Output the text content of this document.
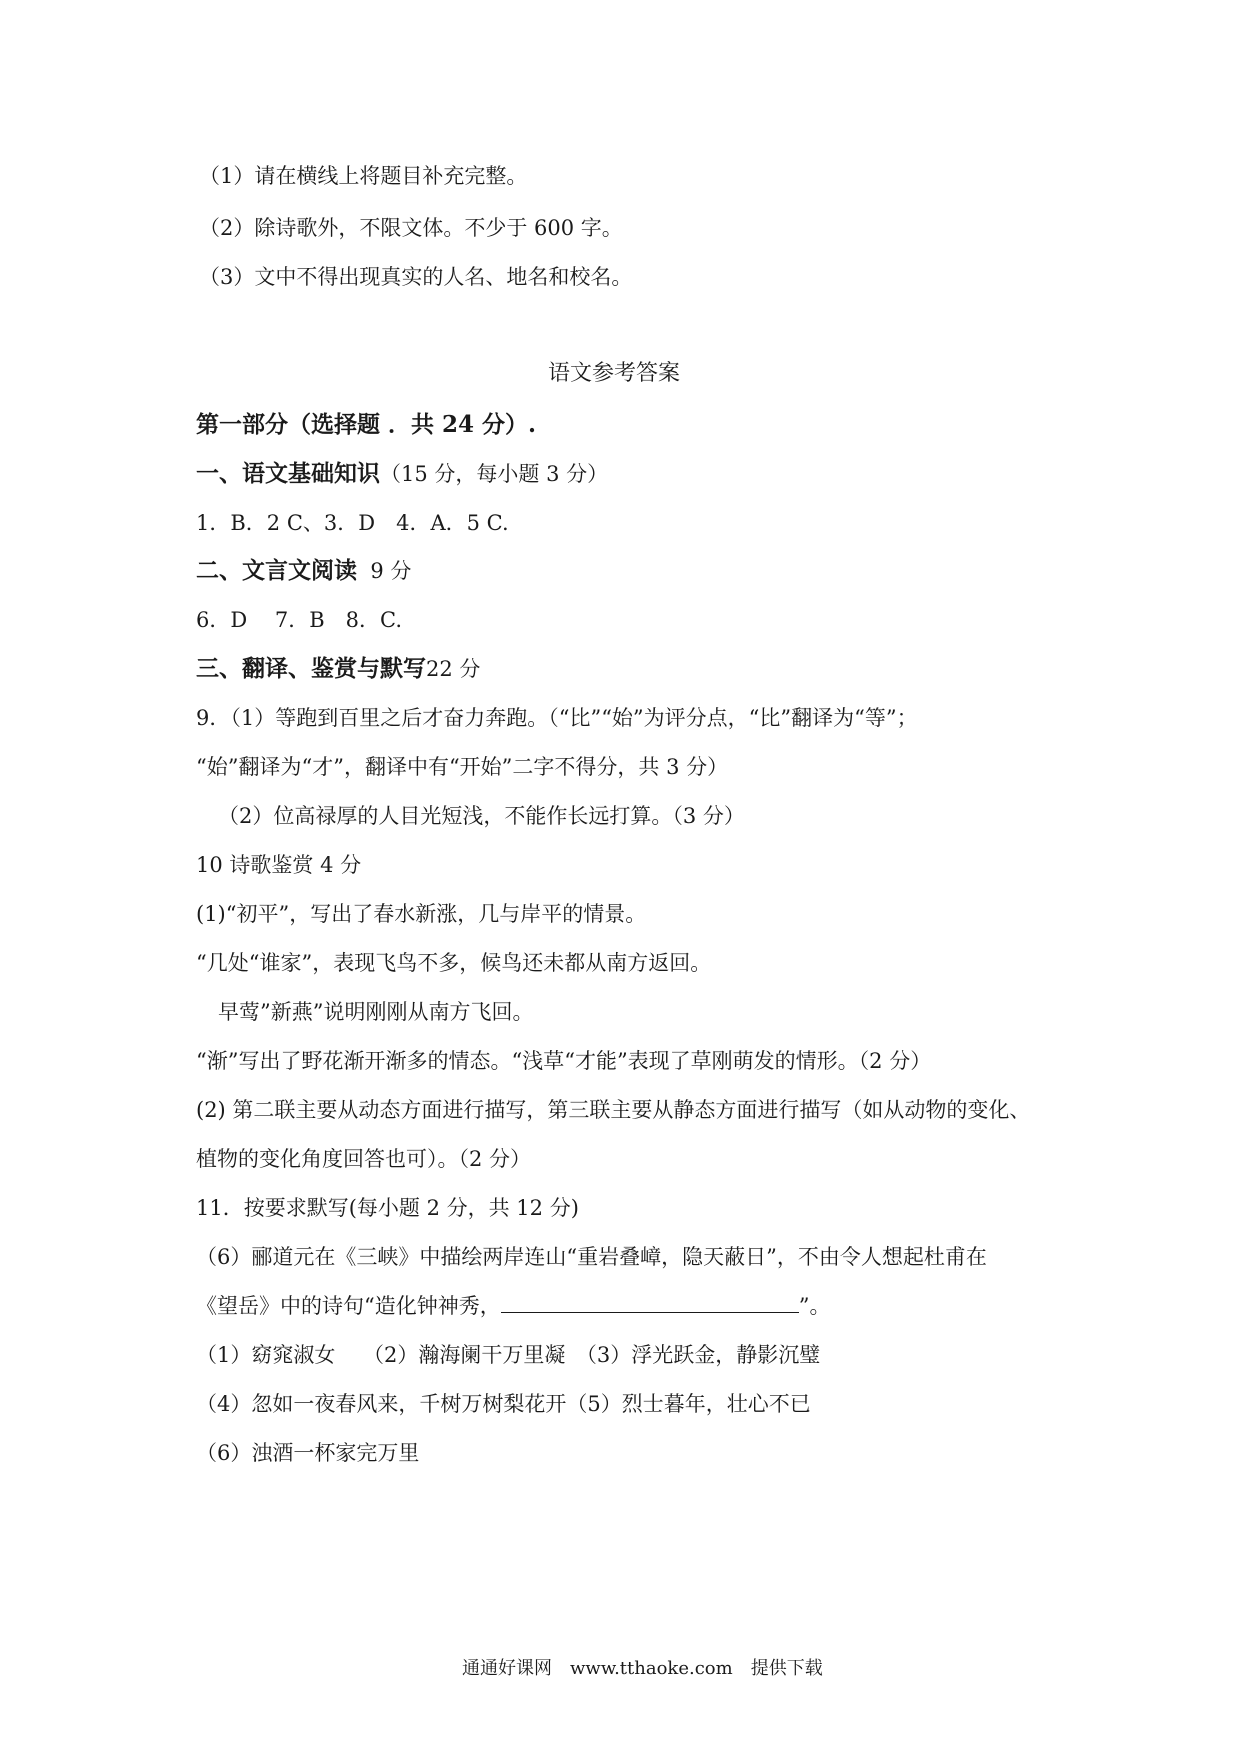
（1）请在横线上将题目补充完整。
（2）除诗歌外，不限文体。不少于 600 字。
（3）文中不得出现真实的人名、地名和校名。
语文参考答案
第一部分（选择题 ．共 24 分）.
一、语文基础知识（15 分，每小题 3 分）
1．B．2 C、3．D　4．A．5 C.
二、文言文阅读 9 分
6．D　 7．B　8．C.
三、翻译、鉴赏与默写22 分
9．（1）等跑到百里之后才奋力奔跑。（“比”“始”为评分点，“比”翻译为“等”；
“始”翻译为“才”，翻译中有“开始”二字不得分，共 3 分）
（2）位高禄厚的人目光短浅，不能作长远打算。（3 分）
10 诗歌鉴赏 4 分
(1)“初平”，写出了春水新涨，几与岸平的情景。
“几处“谁家”，表现飞鸟不多，候鸟还未都从南方返回。
早莺”新燕”说明刚刚从南方飞回。
“渐”写出了野花渐开渐多的情态。“浅草“才能”表现了草刚萌发的情形。（2 分）
(2) 第二联主要从动态方面进行描写，第三联主要从静态方面进行描写（如从动物的变化、
植物的变化角度回答也可）。（2 分）
11．按要求默写(每小题 2 分，共 12 分)
（6）郦道元在《三峡》中描绘两岸连山“重岩叠嶂，隐天蔽日”，不由令人想起杜甫在
《望岳》中的诗句“造化钟神秀，	”。
（1）窈窕淑女　 （2）瀚海阑干万里凝　（3）浮光跃金，静影沉璧
（4）忽如一夜春风来，千树万树梨花开（5）烈士暮年，壮心不已
（6）浊酒一杯家完万里
通通好课网　www.tthaoke.com　提供下载
